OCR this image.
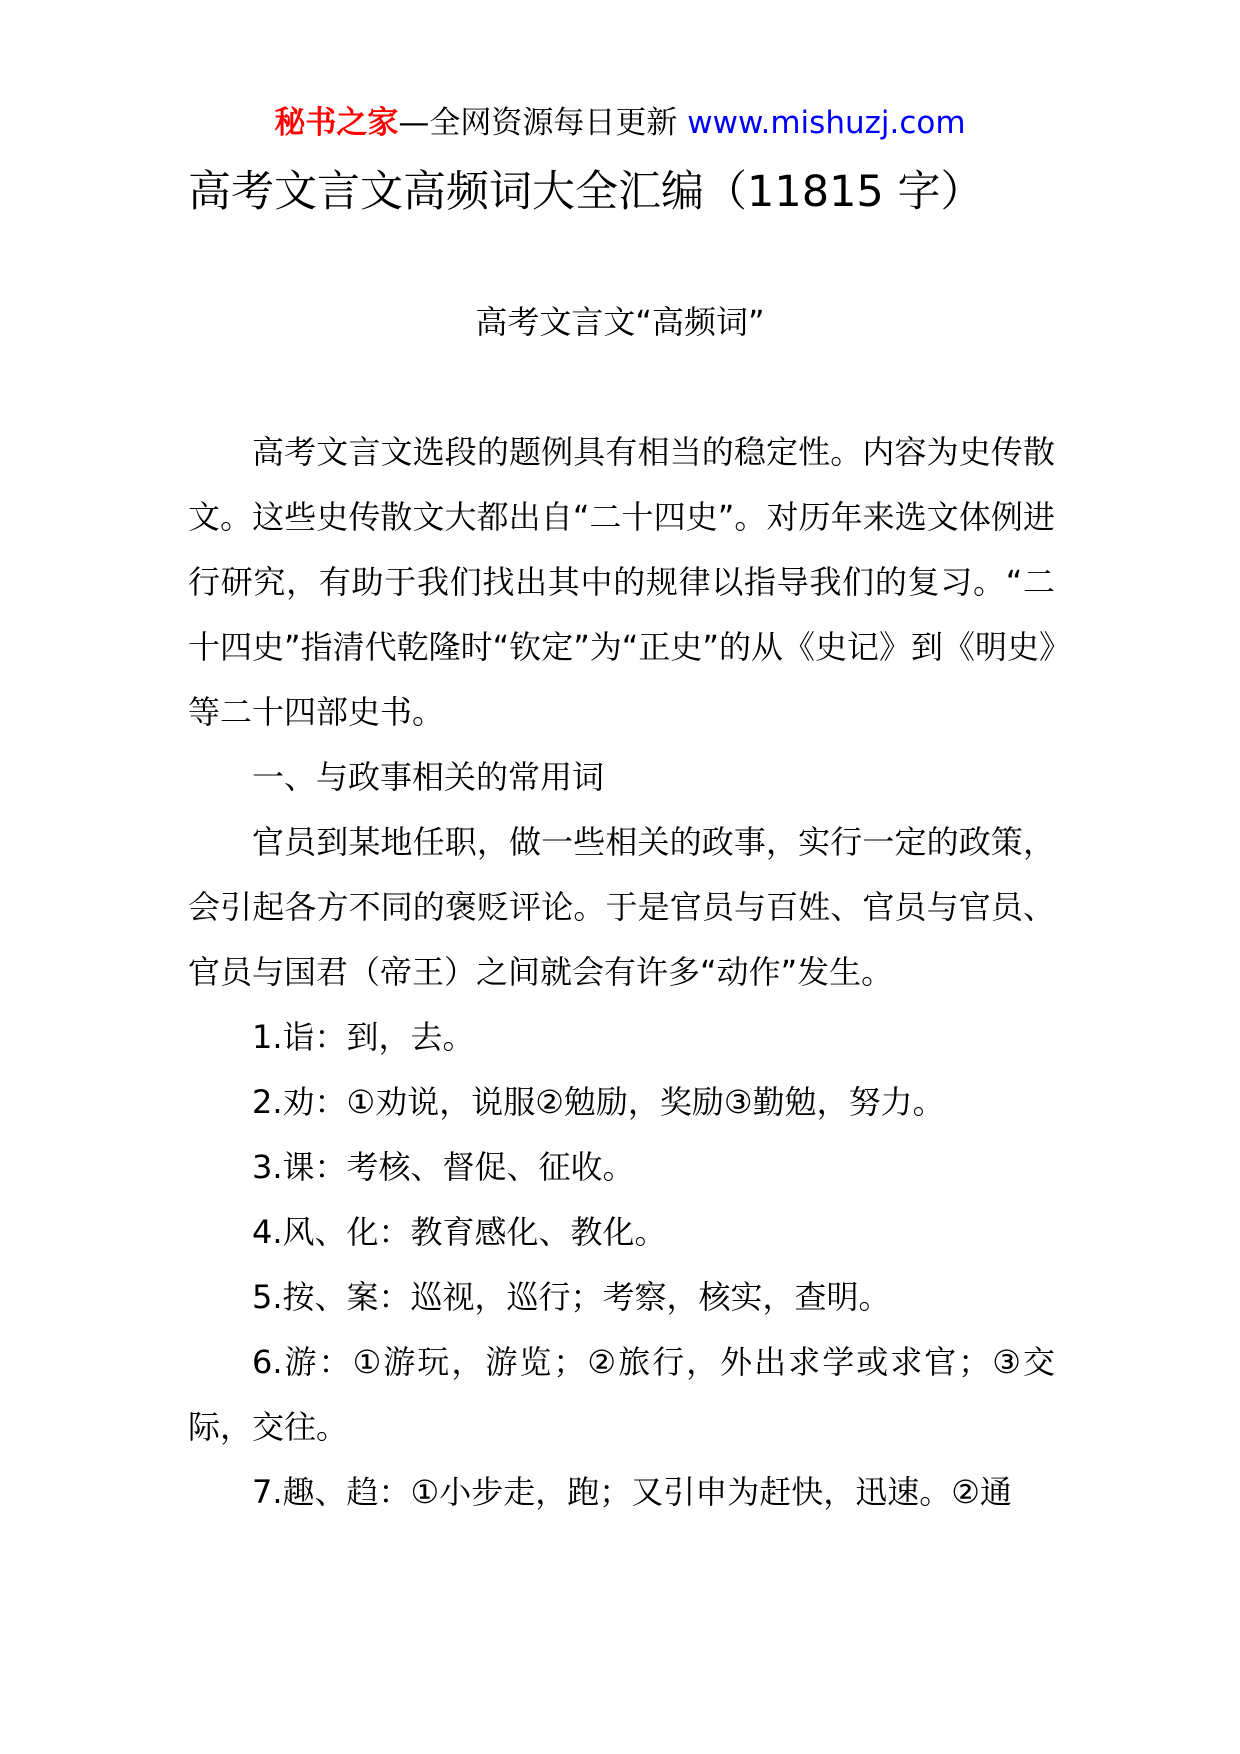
秘书之家—全网资源每日更新 www.mishuzj.com
高考文言文高频词大全汇编（11815 字）
高考文言文“高频词”

高考文言文选段的题例具有相当的稳定性。内容为史传散文。这些史传散文大都出自“二十四史”。对历年来选文体例进行研究，有助于我们找出其中的规律以指导我们的复习。“二十四史”指清代乾隆时“钦定”为“正史”的从《史记》到《明史》等二十四部史书。

一、与政事相关的常用词

官员到某地任职，做一些相关的政事，实行一定的政策，会引起各方不同的褒贬评论。于是官员与百姓、官员与官员、官员与国君（帝王）之间就会有许多“动作”发生。

1.诣：到，去。

2.劝：①劝说，说服②勉励，奖励③勤勉，努力。

3.课：考核、督促、征收。

4.风、化：教育感化、教化。

5.按、案：巡视，巡行；考察，核实，查明。

6.游：①游玩，游览；②旅行，外出求学或求官；③交际，交往。

7.趣、趋：①小步走，跑；又引申为赶快，迅速。②通
